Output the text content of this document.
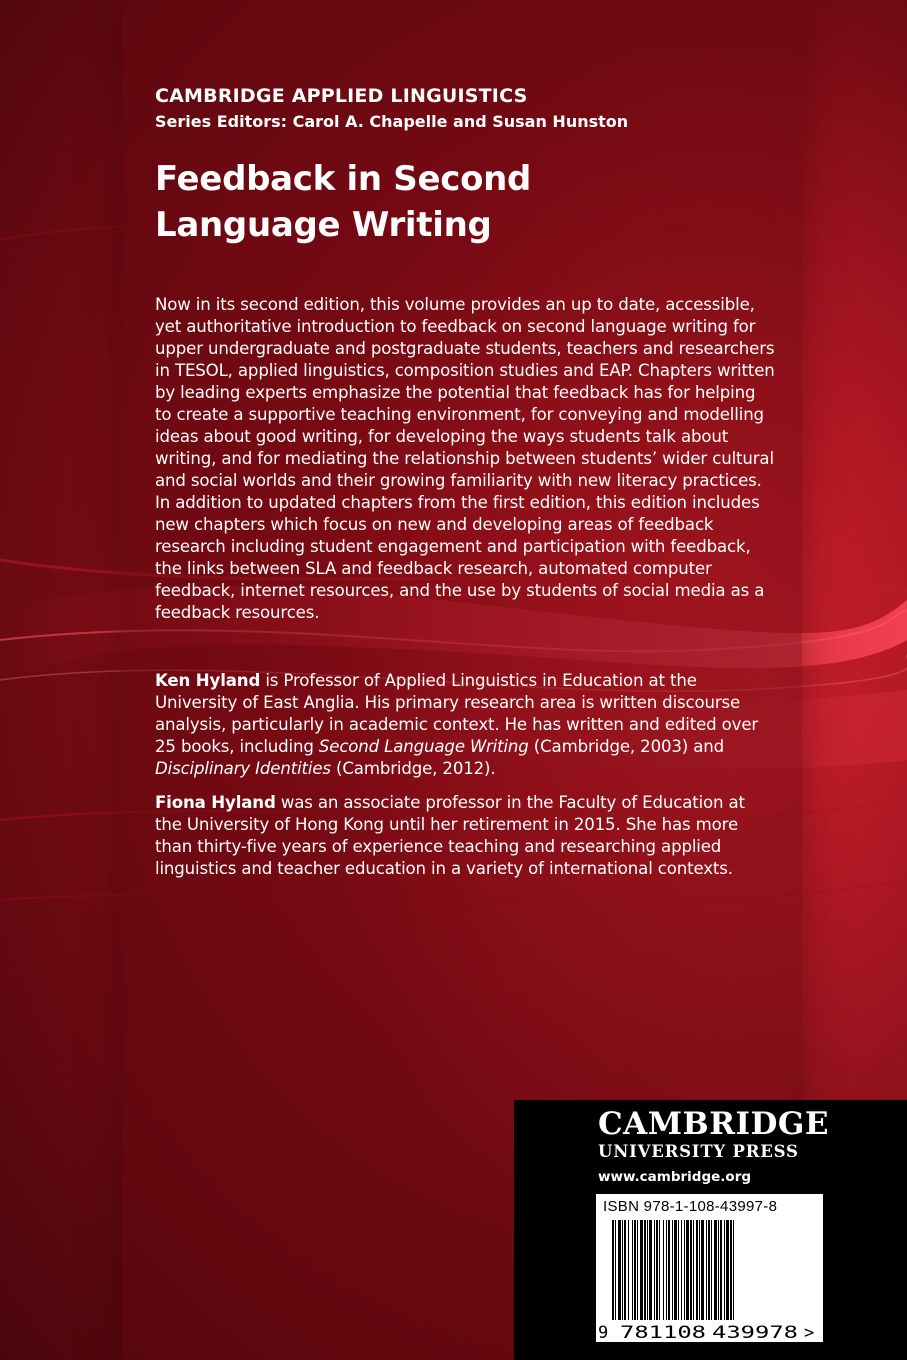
CAMBRIDGE APPLIED LINGUISTICS
Series Editors: Carol A. Chapelle and Susan Hunston
Feedback in Second Language Writing
Now in its second edition, this volume provides an up to date, accessible, yet authoritative introduction to feedback on second language writing for upper undergraduate and postgraduate students, teachers and researchers in TESOL, applied linguistics, composition studies and EAP. Chapters written by leading experts emphasize the potential that feedback has for helping to create a supportive teaching environment, for conveying and modelling ideas about good writing, for developing the ways students talk about writing, and for mediating the relationship between students’ wider cultural and social worlds and their growing familiarity with new literacy practices. In addition to updated chapters from the first edition, this edition includes new chapters which focus on new and developing areas of feedback research including student engagement and participation with feedback, the links between SLA and feedback research, automated computer feedback, internet resources, and the use by students of social media as a feedback resources.
Ken Hyland is Professor of Applied Linguistics in Education at the University of East Anglia. His primary research area is written discourse analysis, particularly in academic context. He has written and edited over 25 books, including Second Language Writing (Cambridge, 2003) and Disciplinary Identities (Cambridge, 2012).
Fiona Hyland was an associate professor in the Faculty of Education at the University of Hong Kong until her retirement in 2015. She has more than thirty-five years of experience teaching and researching applied linguistics and teacher education in a variety of international contexts.
CAMBRIDGE
UNIVERSITY PRESS
www.cambridge.org
ISBN 978-1-108-43997-8
9 781108 439978 >
